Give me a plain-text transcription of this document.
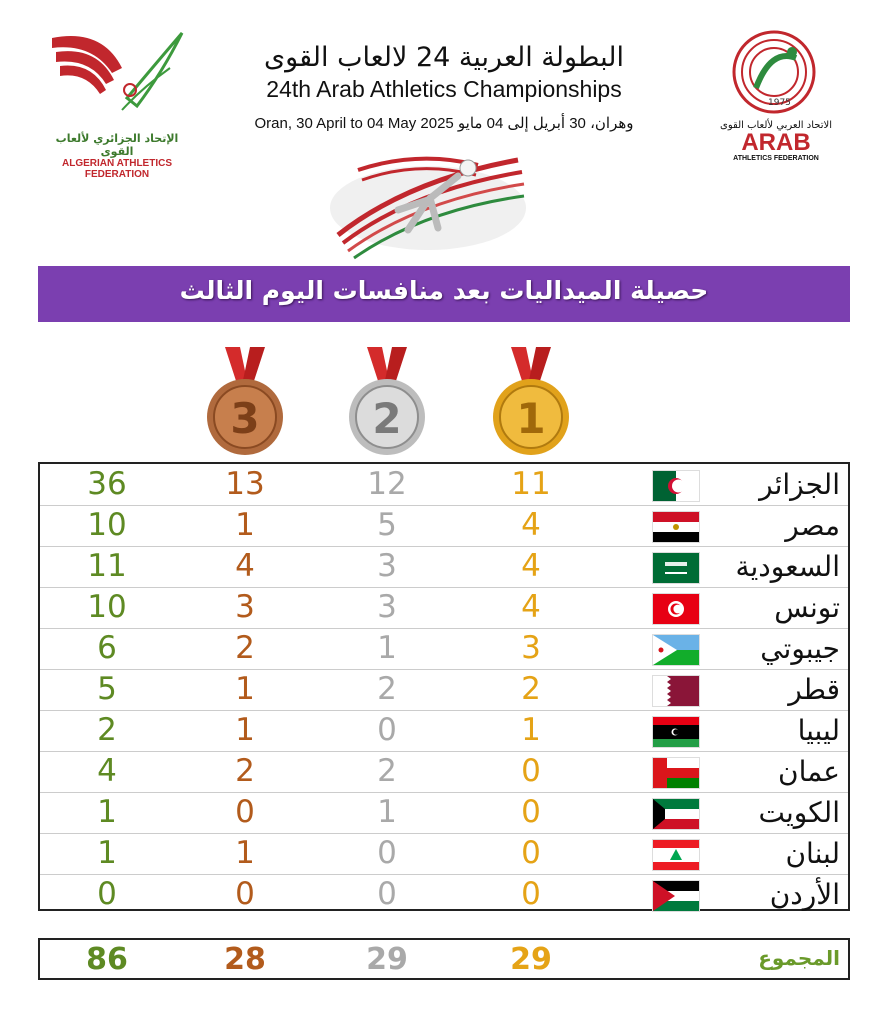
الإتحاد الجزائري لألعاب القوى
ALGERIAN ATHLETICS FEDERATION
1975
الاتحاد العربي لألعاب القوى
ARAB
ATHLETICS FEDERATION
البطولة العربية 24 لالعاب القوى
24th Arab Athletics Championships
Oran, 30 April to 04 May 2025 وهران، 30 أبريل إلى 04 مايو
حصيلة الميداليات بعد منافسات اليوم الثالث
3	2	1
36	13	12	11	الجزائر
10	1	5	4	مصر
11	4	3	4	السعودية
10	3	3	4	تونس
6	2	1	3	جيبوتي
5	1	2	2	قطر
2	1	0	1	ليبيا
4	2	2	0	عمان
1	0	1	0	الكويت
1	1	0	0	لبنان
0	0	0	0	الأردن
86	28	29	29	المجموع
